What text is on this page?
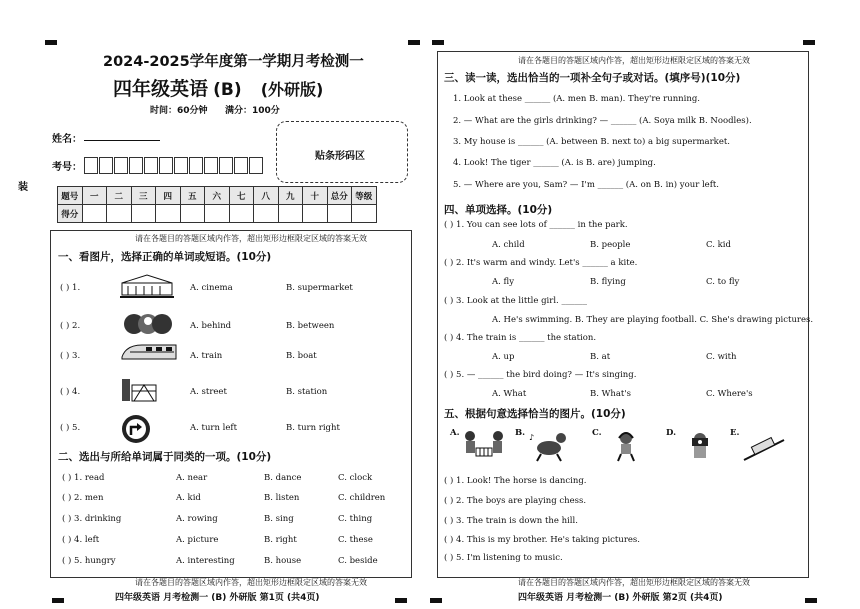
装
2024-2025学年度第一学期月考检测一
四年级英语 (B) (外研版)
时间：60分钟 满分：100分
姓名：
考号：
贴条形码区
题号	一	二	三	四	五	六	七	八	九	十	总分	等级
得分												
请在各题目的答题区域内作答，超出矩形边框限定区域的答案无效
一、看图片，选择正确的单词或短语。(10分)
二、选出与所给单词属于同类的一项。(10分)
请在各题目的答题区域内作答，超出矩形边框限定区域的答案无效
四年级英语 月考检测一 (B) 外研版 第1页 (共4页)
请在各题目的答题区域内作答，超出矩形边框限定区域的答案无效
三、读一读，选出恰当的一项补全句子或对话。(填序号)(10分)
四、单项选择。(10分)
五、根据句意选择恰当的图片。(10分)
♪
请在各题目的答题区域内作答，超出矩形边框限定区域的答案无效
四年级英语 月考检测一 (B) 外研版 第2页 (共4页)
( ) 1.	A. cinema	B. supermarket
( ) 2.	A. behind	B. between
( ) 3.	A. train	B. boat
( ) 4.	A. street	B. station
( ) 5.	A. turn left	B. turn right
( ) 1. read	A. near	B. dance	C. clock
( ) 2. men	A. kid	B. listen	C. children
( ) 3. drinking	A. rowing	B. sing	C. thing
( ) 4. left	A. picture	B. right	C. these
( ) 5. hungry	A. interesting	B. house	C. beside
1. Look at these ______ (A. men B. man). They're running.
2. — What are the girls drinking? — ______ (A. Soya milk B. Noodles).
3. My house is ______ (A. between B. next to) a big supermarket.
4. Look! The tiger ______ (A. is B. are) jumping.
5. — Where are you, Sam? — I'm ______ (A. on B. in) your left.
( ) 1. You can see lots of ______ in the park.
A. child	B. people	C. kid
( ) 2. It's warm and windy. Let's ______ a kite.
A. fly	B. flying	C. to fly
( ) 3. Look at the little girl. ______
A. He's swimming. B. They are playing football. C. She's drawing pictures.
( ) 4. The train is ______ the station.
A. up	B. at	C. with
( ) 5. — ______ the bird doing? — It's singing.
A. What	B. What's	C. Where's
A.	B.	C.	D.	E.
( ) 1. Look! The horse is dancing.
( ) 2. The boys are playing chess.
( ) 3. The train is down the hill.
( ) 4. This is my brother. He's taking pictures.
( ) 5. I'm listening to music.
